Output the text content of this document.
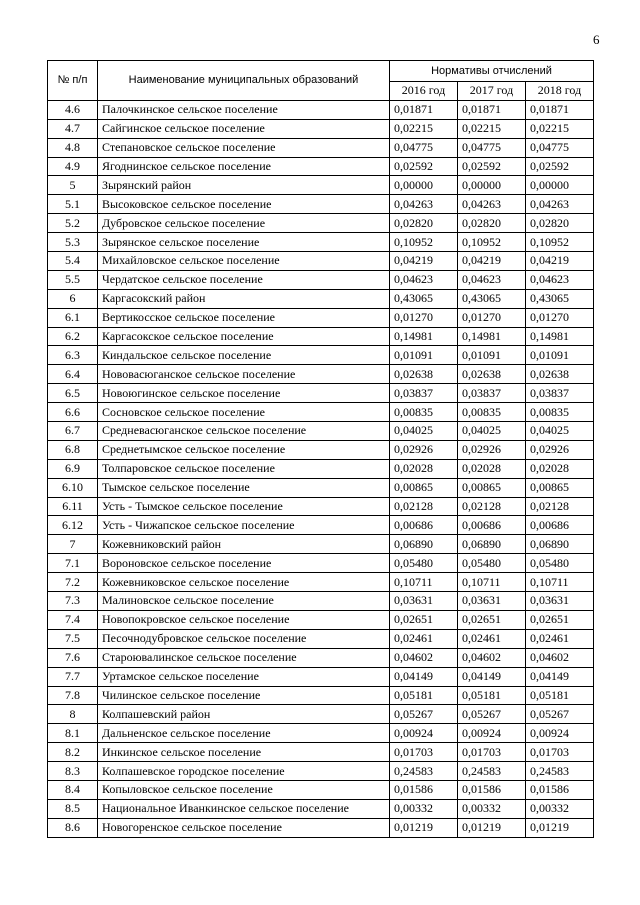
6
№ п/п	Наименование муниципальных образований	Нормативы отчислений		
		2016 год	2017 год	2018 год
4.6	Палочкинское сельское поселение	0,01871	0,01871	0,01871
4.7	Сайгинское сельское поселение	0,02215	0,02215	0,02215
4.8	Степановское сельское поселение	0,04775	0,04775	0,04775
4.9	Ягоднинское сельское поселение	0,02592	0,02592	0,02592
5	Зырянский район	0,00000	0,00000	0,00000
5.1	Высоковское сельское поселение	0,04263	0,04263	0,04263
5.2	Дубровское сельское поселение	0,02820	0,02820	0,02820
5.3	Зырянское сельское поселение	0,10952	0,10952	0,10952
5.4	Михайловское сельское поселение	0,04219	0,04219	0,04219
5.5	Чердатское сельское поселение	0,04623	0,04623	0,04623
6	Каргасокский район	0,43065	0,43065	0,43065
6.1	Вертикосское сельское поселение	0,01270	0,01270	0,01270
6.2	Каргасокское сельское поселение	0,14981	0,14981	0,14981
6.3	Киндальское сельское поселение	0,01091	0,01091	0,01091
6.4	Нововасюганское сельское поселение	0,02638	0,02638	0,02638
6.5	Новоюгинское сельское поселение	0,03837	0,03837	0,03837
6.6	Сосновское сельское поселение	0,00835	0,00835	0,00835
6.7	Средневасюганское сельское поселение	0,04025	0,04025	0,04025
6.8	Среднетымское сельское поселение	0,02926	0,02926	0,02926
6.9	Толпаровское сельское поселение	0,02028	0,02028	0,02028
6.10	Тымское сельское поселение	0,00865	0,00865	0,00865
6.11	Усть - Тымское сельское поселение	0,02128	0,02128	0,02128
6.12	Усть - Чижапское сельское поселение	0,00686	0,00686	0,00686
7	Кожевниковский район	0,06890	0,06890	0,06890
7.1	Вороновское сельское поселение	0,05480	0,05480	0,05480
7.2	Кожевниковское сельское поселение	0,10711	0,10711	0,10711
7.3	Малиновское сельское поселение	0,03631	0,03631	0,03631
7.4	Новопокровское сельское поселение	0,02651	0,02651	0,02651
7.5	Песочнодубровское сельское поселение	0,02461	0,02461	0,02461
7.6	Староювалинское сельское поселение	0,04602	0,04602	0,04602
7.7	Уртамское сельское поселение	0,04149	0,04149	0,04149
7.8	Чилинское сельское поселение	0,05181	0,05181	0,05181
8	Колпашевский район	0,05267	0,05267	0,05267
8.1	Дальненское сельское поселение	0,00924	0,00924	0,00924
8.2	Инкинское сельское поселение	0,01703	0,01703	0,01703
8.3	Колпашевское городское поселение	0,24583	0,24583	0,24583
8.4	Копыловское сельское поселение	0,01586	0,01586	0,01586
8.5	Национальное Иванкинское сельское поселение	0,00332	0,00332	0,00332
8.6	Новогоренское сельское поселение	0,01219	0,01219	0,01219
